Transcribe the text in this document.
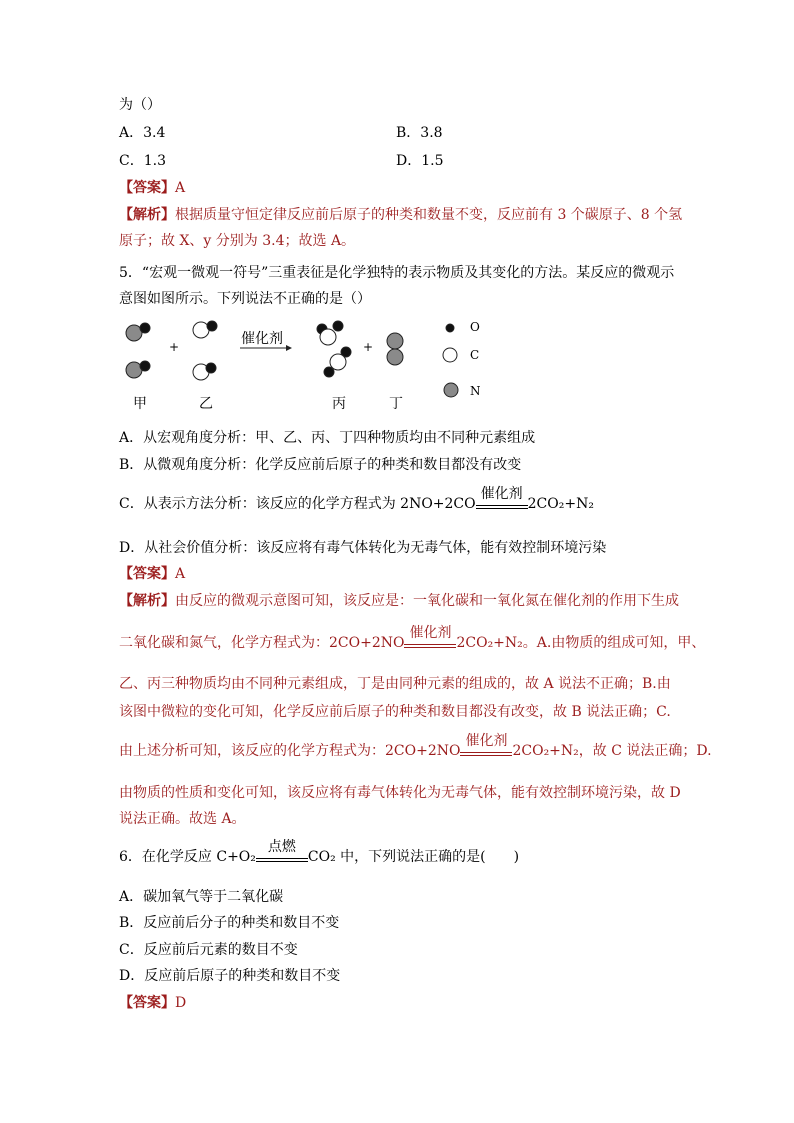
为（）
A．3.4	B．3.8
C．1.3	D．1.5
【答案】A
【解析】根据质量守恒定律反应前后原子的种类和数量不变，反应前有 3 个碳原子、8 个氢
原子；故 X、y 分别为 3.4；故选 A。
5．“宏观一微观一符号”三重表征是化学独特的表示物质及其变化的方法。某反应的微观示
意图如图所示。下列说法不正确的是（）
催化剂
+	+
甲	乙	丙	丁
O
C
N
A．从宏观角度分析：甲、乙、丙、丁四种物质均由不同种元素组成
B．从微观角度分析：化学反应前后原子的种类和数目都没有改变
C．从表示方法分析：该反应的化学方程式为 2NO+2CO
催化剂
2CO₂+N₂
D．从社会价值分析：该反应将有毒气体转化为无毒气体，能有效控制环境污染
【答案】A
【解析】由反应的微观示意图可知，该反应是：一氧化碳和一氧化氮在催化剂的作用下生成
二氧化碳和氮气，化学方程式为：2CO+2NO
催化剂
2CO₂+N₂。A.由物质的组成可知，甲、
乙、丙三种物质均由不同种元素组成，丁是由同种元素的组成的，故 A 说法不正确；B.由
该图中微粒的变化可知，化学反应前后原子的种类和数目都没有改变，故 B 说法正确；C.
由上述分析可知，该反应的化学方程式为：2CO+2NO
催化剂
2CO₂+N₂，故 C 说法正确；D.
由物质的性质和变化可知，该反应将有毒气体转化为无毒气体，能有效控制环境污染，故 D
说法正确。故选 A。
6．在化学反应 C+O₂
点燃
CO₂ 中，下列说法正确的是(　　)
A．碳加氧气等于二氧化碳
B．反应前后分子的种类和数目不变
C．反应前后元素的数目不变
D．反应前后原子的种类和数目不变
【答案】D
